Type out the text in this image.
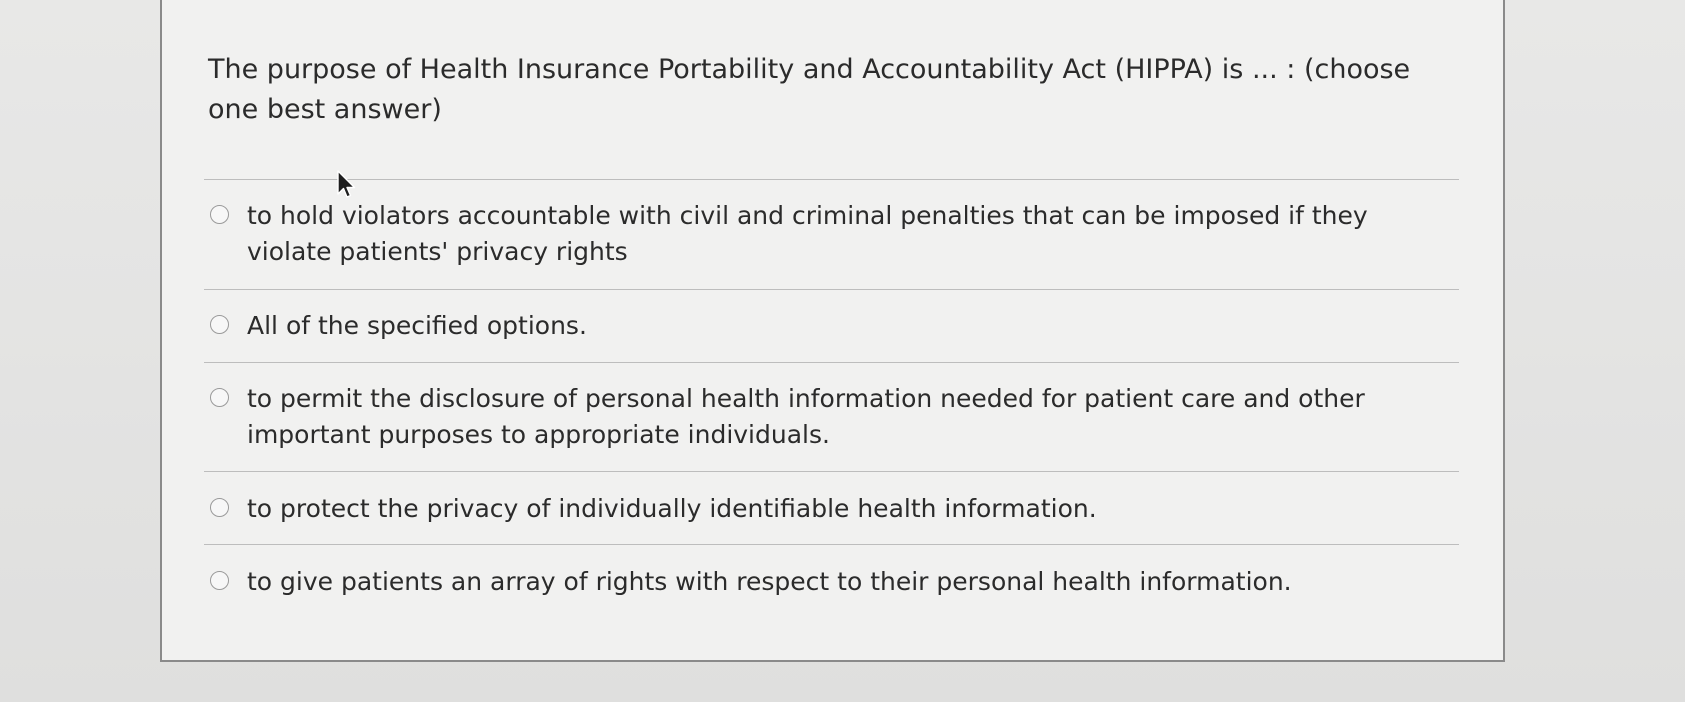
The purpose of Health Insurance Portability and Accountability Act (HIPPA) is ... : (choose one best answer)

to hold violators accountable with civil and criminal penalties that can be imposed if they violate patients' privacy rights
All of the specified options.
to permit the disclosure of personal health information needed for patient care and other important purposes to appropriate individuals.
to protect the privacy of individually identifiable health information.
to give patients an array of rights with respect to their personal health information.
